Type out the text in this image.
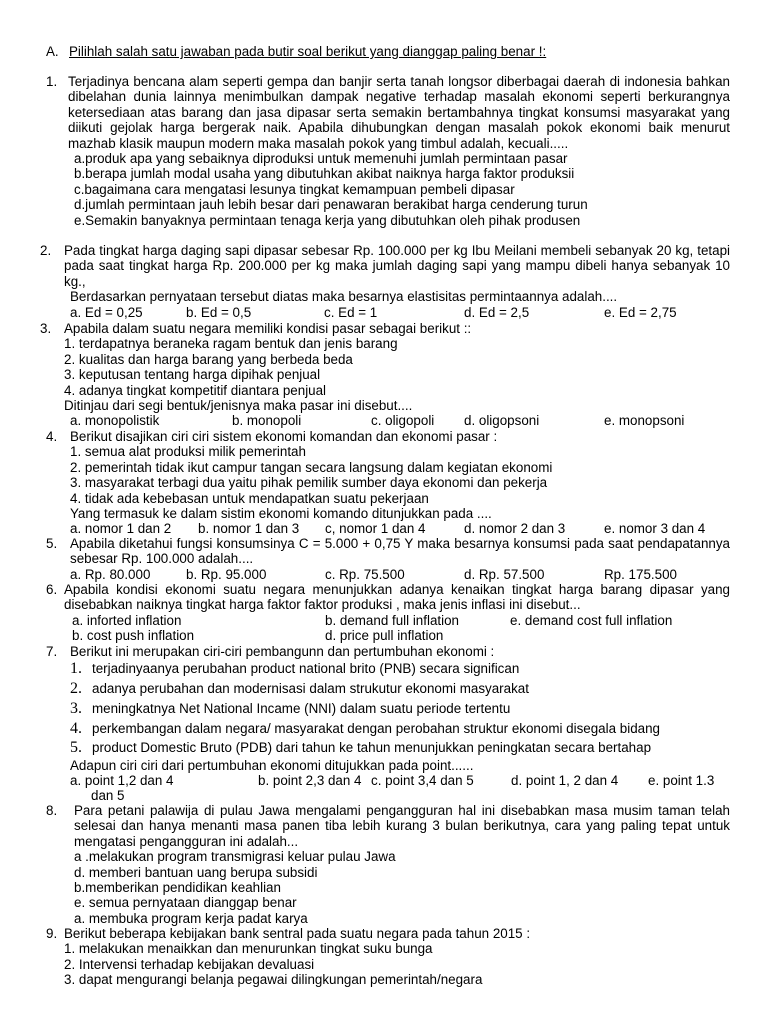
A. Pilihlah salah satu jawaban pada butir soal berikut yang dianggap paling benar !:
1. Terjadinya bencana alam seperti gempa dan banjir serta tanah longsor diberbagai daerah di indonesia bahkan dibelahan dunia lainnya menimbulkan dampak negative terhadap masalah ekonomi seperti berkurangnya ketersediaan atas barang dan jasa dipasar serta semakin bertambahnya tingkat konsumsi masyarakat yang diikuti gejolak harga bergerak naik. Apabila dihubungkan dengan masalah pokok ekonomi baik menurut mazhab klasik maupun modern maka masalah pokok yang timbul adalah, kecuali.....
a.produk apa yang sebaiknya diproduksi untuk memenuhi jumlah permintaan pasar
b.berapa jumlah modal usaha yang dibutuhkan akibat naiknya harga faktor produksii
c.bagaimana cara mengatasi lesunya tingkat kemampuan pembeli dipasar
d.jumlah permintaan jauh lebih besar dari penawaran berakibat harga cenderung turun
e.Semakin banyaknya permintaan tenaga kerja yang dibutuhkan oleh pihak produsen
2. Pada tingkat harga daging sapi dipasar sebesar Rp. 100.000 per kg Ibu Meilani membeli sebanyak 20 kg, tetapi pada saat tingkat harga Rp. 200.000 per kg maka jumlah daging sapi yang mampu dibeli hanya sebanyak 10 kg.,
Berdasarkan pernyataan tersebut diatas maka besarnya elastisitas permintaannya adalah....
a. Ed = 0,25	b. Ed = 0,5	c. Ed = 1	d. Ed = 2,5	e. Ed = 2,75
3. Apabila dalam suatu negara memiliki kondisi pasar sebagai berikut ::
1. terdapatnya beraneka ragam bentuk dan jenis barang
2. kualitas dan harga barang yang berbeda beda
3. keputusan tentang harga dipihak penjual
4. adanya tingkat kompetitif diantara penjual
Ditinjau dari segi bentuk/jenisnya maka pasar ini disebut....
a. monopolistik	b. monopoli	c. oligopoli d. oligopsoni	e. monopsoni
4. Berikut disajikan ciri ciri sistem ekonomi komandan dan ekonomi pasar :
1. semua alat produksi milik pemerintah
2. pemerintah tidak ikut campur tangan secara langsung dalam kegiatan ekonomi
3. masyarakat terbagi dua yaitu pihak pemilik sumber daya ekonomi dan pekerja
4. tidak ada kebebasan untuk mendapatkan suatu pekerjaan
Yang termasuk ke dalam sistim ekonomi komando ditunjukkan pada ....
a. nomor 1 dan 2 b. nomor 1 dan 3 c, nomor 1 dan 4	d. nomor 2 dan 3	e. nomor 3 dan 4
5. Apabila diketahui fungsi konsumsinya C = 5.000 + 0,75 Y maka besarnya konsumsi pada saat pendapatannya sebesar Rp. 100.000 adalah....
a. Rp. 80.000	b. Rp. 95.000	c. Rp. 75.500	d. Rp. 57.500	Rp. 175.500
6. Apabila kondisi ekonomi suatu negara menunjukkan adanya kenaikan tingkat harga barang dipasar yang disebabkan naiknya tingkat harga faktor faktor produksi , maka jenis inflasi ini disebut...
a. inforted inflation	b. demand full inflation	e. demand cost full inflation
b. cost push inflation	d. price pull inflation
7. Berikut ini merupakan ciri-ciri pembangunn dan pertumbuhan ekonomi :
1. terjadinyaanya perubahan product national brito (PNB) secara significan
2. adanya perubahan dan modernisasi dalam strukutur ekonomi masyarakat
3. meningkatnya Net National Incame (NNI) dalam suatu periode tertentu
4. perkembangan dalam negara/ masyarakat dengan perobahan struktur ekonomi disegala bidang
5. product Domestic Bruto (PDB) dari tahun ke tahun menunjukkan peningkatan secara bertahap
Adapun ciri ciri dari pertumbuhan ekonomi ditujukkan pada point......
a. point 1,2 dan 4	b. point 2,3 dan 4 c. point 3,4 dan 5	d. point 1, 2 dan 4 e. point 1.3
dan 5
8. Para petani palawija di pulau Jawa mengalami pengangguran hal ini disebabkan masa musim taman telah selesai dan hanya menanti masa panen tiba lebih kurang 3 bulan berikutnya, cara yang paling tepat untuk mengatasi pengangguran ini adalah...
a .melakukan program transmigrasi keluar pulau Jawa
d. memberi bantuan uang berupa subsidi
b.memberikan pendidikan keahlian
e. semua pernyataan dianggap benar
a. membuka program kerja padat karya
9. Berikut beberapa kebijakan bank sentral pada suatu negara pada tahun 2015 :
1. melakukan menaikkan dan menurunkan tingkat suku bunga
2. Intervensi terhadap kebijakan devaluasi
3. dapat mengurangi belanja pegawai dilingkungan pemerintah/negara
